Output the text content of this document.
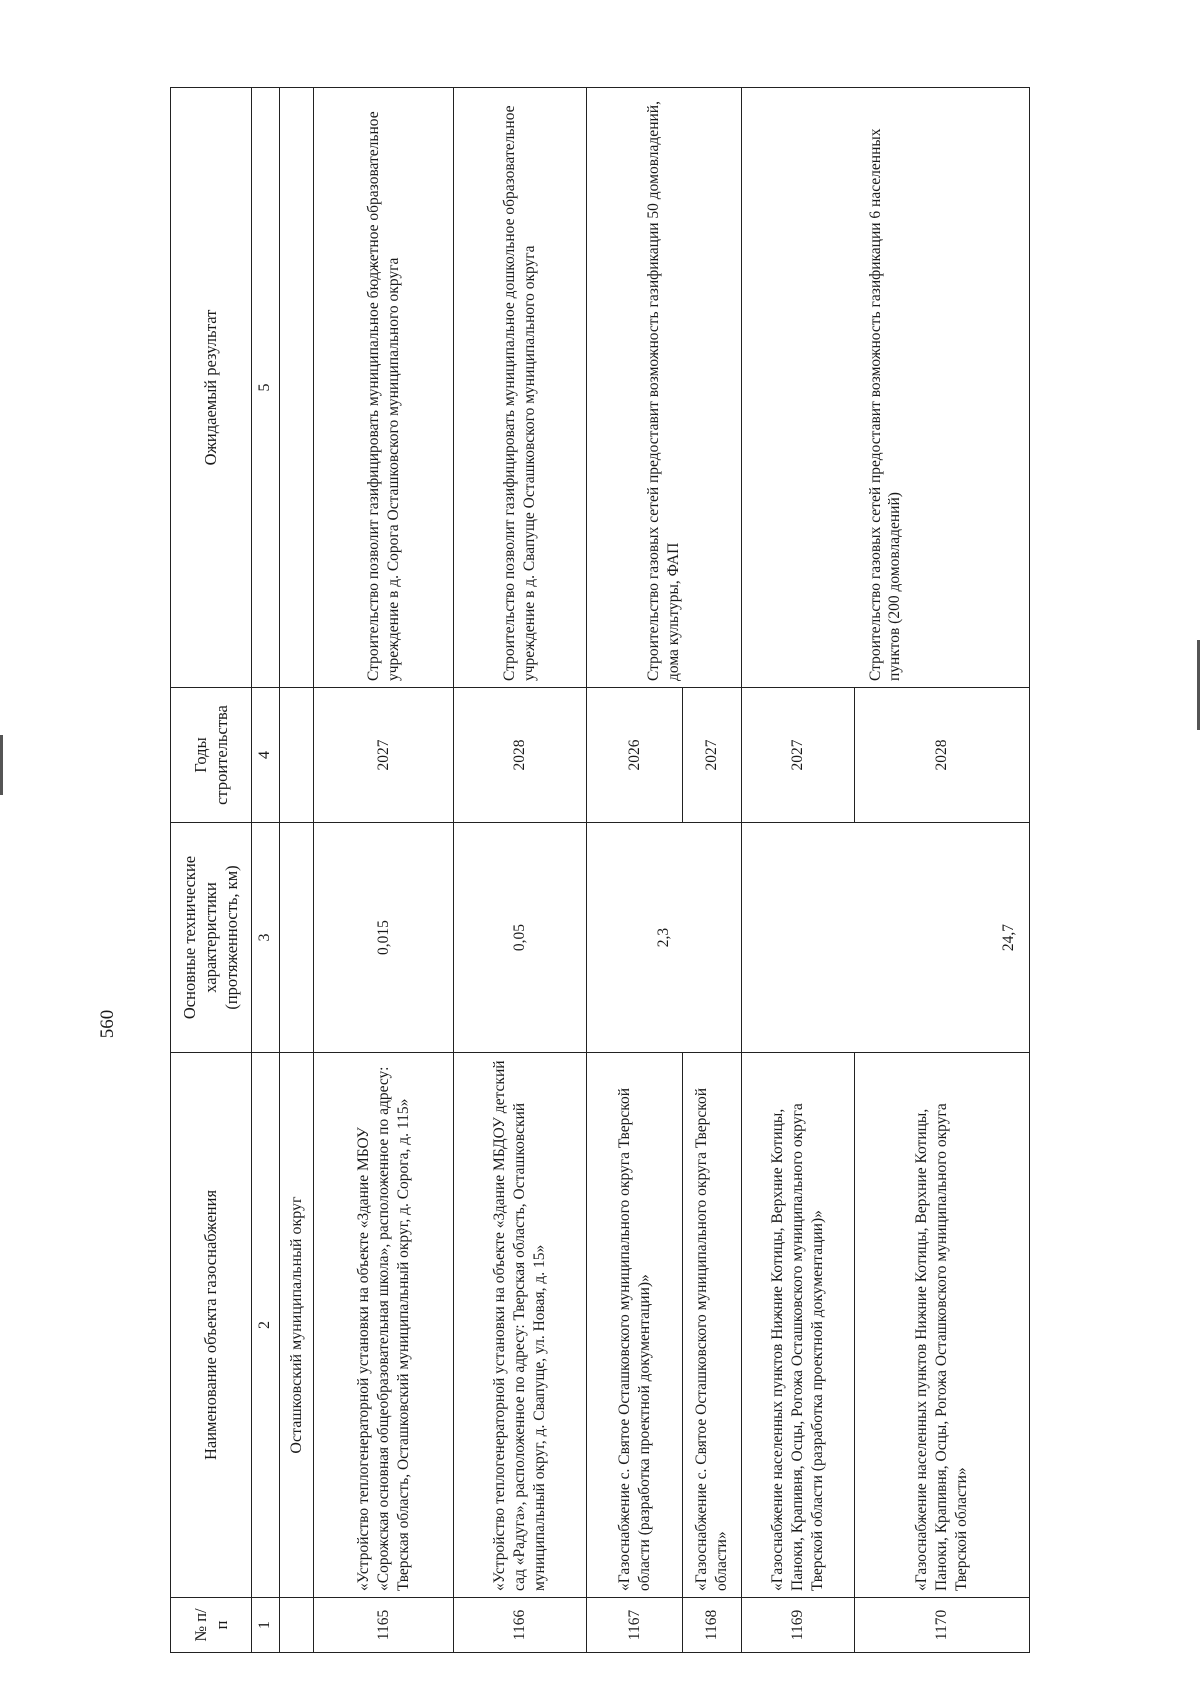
560
№ п/п	Наименование объекта газоснабжения	Основные технические характеристики (протяженность, км)	Годы строительства	Ожидаемый результат
1	2	3	4	5
	Осташковский муниципальный округ			
1165	«Устройство теплогенераторной установки на объекте «Здание МБОУ «Сорожская основная общеобразовательная школа», расположенное по адресу: Тверская область, Осташковский муниципальный округ, д. Сорога, д. 115»	0,015	2027	Строительство позволит газифицировать муниципальное бюджетное образовательное учреждение в д. Сорога Осташковского муниципального округа
1166	«Устройство теплогенераторной установки на объекте «Здание МБДОУ детский сад «Радуга», расположенное по адресу: Тверская область, Осташковский муниципальный округ, д. Свапуще, ул. Новая, д. 15»	0,05	2028	Строительство позволит газифицировать муниципальное дошкольное образовательное учреждение в д. Свапуще Осташковского муниципального округа
1167	«Газоснабжение с. Святое Осташковского муниципального округа Тверской области (разработка проектной документации)»	2,3	2026	Строительство газовых сетей предоставит возможность газификации 50 домовладений, дома культуры, ФАП
1168	«Газоснабжение с. Святое Осташковского муниципального округа Тверской области»		2027	
1169	«Газоснабжение населенных пунктов Нижние Котицы, Верхние Котицы, Паноки, Крапивня, Осцы, Рогожа Осташковского муниципального округа Тверской области (разработка проектной документации)»	24,7	2027	Строительство газовых сетей предоставит возможность газификации 6 населенных пунктов (200 домовладений)
1170	«Газоснабжение населенных пунктов Нижние Котицы, Верхние Котицы, Паноки, Крапивня, Осцы, Рогожа Осташковского муниципального округа Тверской области»		2028	
